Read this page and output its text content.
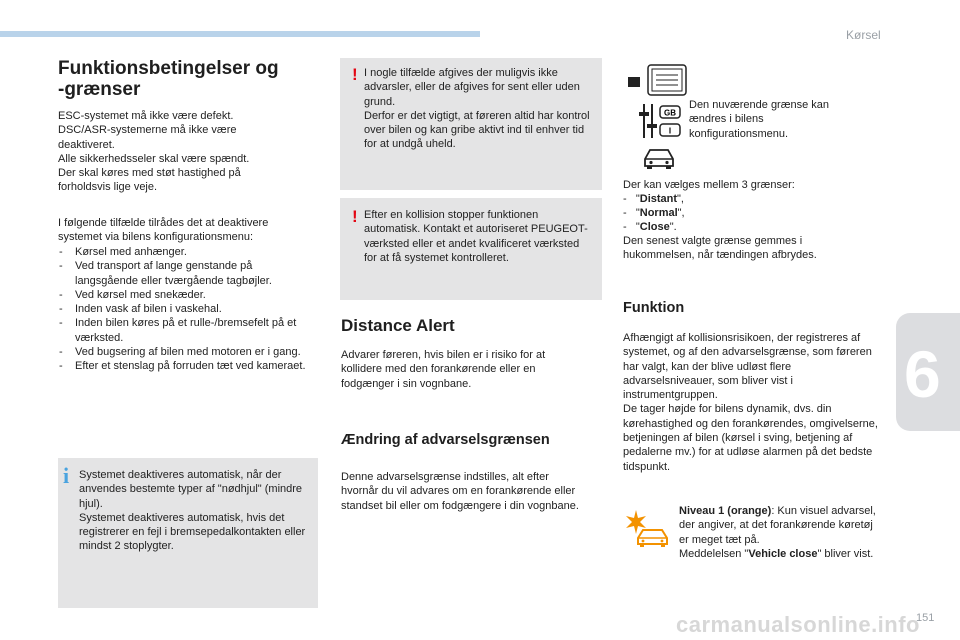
Kørsel
6
carmanualsonline.info
151
Funktionsbetingelser og
-grænser

ESC-systemet må ikke være defekt.
DSC/ASR-systemerne må ikke være deaktiveret.
Alle sikkerhedsseler skal være spændt.
Der skal køres med støt hastighed på forholdsvis lige veje.

I følgende tilfælde tilrådes det at deaktivere systemet via bilens konfigurationsmenu:

- Kørsel med anhænger.
- Ved transport af lange genstande på langsgående eller tværgående tagbøjler.
- Ved kørsel med snekæder.
- Inden vask af bilen i vaskehal.
- Inden bilen køres på et rulle-/bremsefelt på et værksted.
- Ved bugsering af bilen med motoren er i gang.
- Efter et stenslag på forruden tæt ved kameraet.
i Systemet deaktiveres automatisk, når der anvendes bestemte typer af "nødhjul" (mindre hjul).
Systemet deaktiveres automatisk, hvis det registrerer en fejl i bremsepedalkontakten eller mindst 2 stoplygter.

! I nogle tilfælde afgives der muligvis ikke advarsler, eller de afgives for sent eller uden grund.
Derfor er det vigtigt, at føreren altid har kontrol over bilen og kan gribe aktivt ind til enhver tid for at undgå uheld.

! Efter en kollision stopper funktionen automatisk. Kontakt et autoriseret PEUGEOT-værksted eller et andet kvalificeret værksted for at få systemet kontrolleret.

Distance Alert

Advarer føreren, hvis bilen er i risiko for at kollidere med den forankørende eller en fodgænger i sin vognbane.

Ændring af advarselsgrænsen

Denne advarselsgrænse indstilles, alt efter hvornår du vil advares om en forankørende eller standset bil eller om fodgængere i din vognbane.

GB
I

Den nuværende grænse kan ændres i bilens konfigurationsmenu.

Der kan vælges mellem 3 grænser:

-   "Distant",
-   "Normal",
-   "Close".

Den senest valgte grænse gemmes i hukommelsen, når tændingen afbrydes.

Funktion

Afhængigt af kollisionsrisikoen, der registreres af systemet, og af den advarselsgrænse, som føreren har valgt, kan der blive udløst flere advarselsniveauer, som bliver vist i instrumentgruppen.
De tager højde for bilens dynamik, dvs. din kørehastighed og den forankørendes, omgivelserne, betjeningen af bilen (kørsel i sving, betjening af pedalerne mv.) for at udløse alarmen på det bedste tidspunkt.

Niveau 1 (orange): Kun visuel advarsel, der angiver, at det forankørende køretøj er meget tæt på.
Meddelelsen "Vehicle close" bliver vist.
